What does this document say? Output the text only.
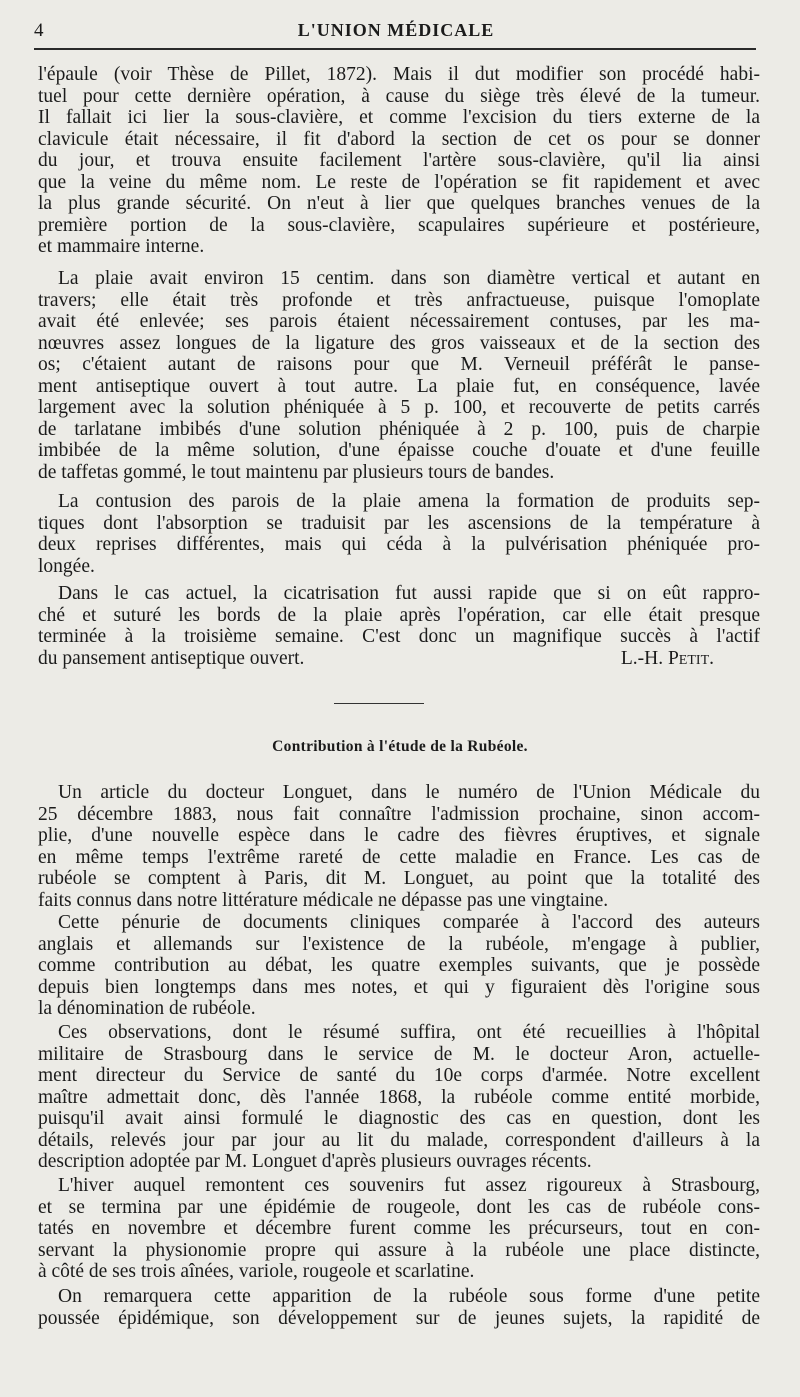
4	L'UNION MÉDICALE
l'épaule (voir Thèse de Pillet, 1872). Mais il dut modifier son procédé habi-
tuel pour cette dernière opération, à cause du siège très élevé de la tumeur.
Il fallait ici lier la sous-clavière, et comme l'excision du tiers externe de la
clavicule était nécessaire, il fit d'abord la section de cet os pour se donner
du jour, et trouva ensuite facilement l'artère sous-clavière, qu'il lia ainsi
que la veine du même nom. Le reste de l'opération se fit rapidement et avec
la plus grande sécurité. On n'eut à lier que quelques branches venues de la
première portion de la sous-clavière, scapulaires supérieure et postérieure,
et mammaire interne.
La plaie avait environ 15 centim. dans son diamètre vertical et autant en
travers; elle était très profonde et très anfractueuse, puisque l'omoplate
avait été enlevée; ses parois étaient nécessairement contuses, par les ma-
nœuvres assez longues de la ligature des gros vaisseaux et de la section des
os; c'étaient autant de raisons pour que M. Verneuil préférât le panse-
ment antiseptique ouvert à tout autre. La plaie fut, en conséquence, lavée
largement avec la solution phéniquée à 5 p. 100, et recouverte de petits carrés
de tarlatane imbibés d'une solution phéniquée à 2 p. 100, puis de charpie
imbibée de la même solution, d'une épaisse couche d'ouate et d'une feuille
de taffetas gommé, le tout maintenu par plusieurs tours de bandes.
La contusion des parois de la plaie amena la formation de produits sep-
tiques dont l'absorption se traduisit par les ascensions de la température à
deux reprises différentes, mais qui céda à la pulvérisation phéniquée pro-
longée.
Dans le cas actuel, la cicatrisation fut aussi rapide que si on eût rappro-
ché et suturé les bords de la plaie après l'opération, car elle était presque
terminée à la troisième semaine. C'est donc un magnifique succès à l'actif
du pansement antiseptique ouvert.	L.-H. Petit.
Contribution à l'étude de la Rubéole.
Un article du docteur Longuet, dans le numéro de l'Union Médicale du
25 décembre 1883, nous fait connaître l'admission prochaine, sinon accom-
plie, d'une nouvelle espèce dans le cadre des fièvres éruptives, et signale
en même temps l'extrême rareté de cette maladie en France. Les cas de
rubéole se comptent à Paris, dit M. Longuet, au point que la totalité des
faits connus dans notre littérature médicale ne dépasse pas une vingtaine.
Cette pénurie de documents cliniques comparée à l'accord des auteurs
anglais et allemands sur l'existence de la rubéole, m'engage à publier,
comme contribution au débat, les quatre exemples suivants, que je possède
depuis bien longtemps dans mes notes, et qui y figuraient dès l'origine sous
la dénomination de rubéole.
Ces observations, dont le résumé suffira, ont été recueillies à l'hôpital
militaire de Strasbourg dans le service de M. le docteur Aron, actuelle-
ment directeur du Service de santé du 10e corps d'armée. Notre excellent
maître admettait donc, dès l'année 1868, la rubéole comme entité morbide,
puisqu'il avait ainsi formulé le diagnostic des cas en question, dont les
détails, relevés jour par jour au lit du malade, correspondent d'ailleurs à la
description adoptée par M. Longuet d'après plusieurs ouvrages récents.
L'hiver auquel remontent ces souvenirs fut assez rigoureux à Strasbourg,
et se termina par une épidémie de rougeole, dont les cas de rubéole cons-
tatés en novembre et décembre furent comme les précurseurs, tout en con-
servant la physionomie propre qui assure à la rubéole une place distincte,
à côté de ses trois aînées, variole, rougeole et scarlatine.
On remarquera cette apparition de la rubéole sous forme d'une petite
poussée épidémique, son développement sur de jeunes sujets, la rapidité de
